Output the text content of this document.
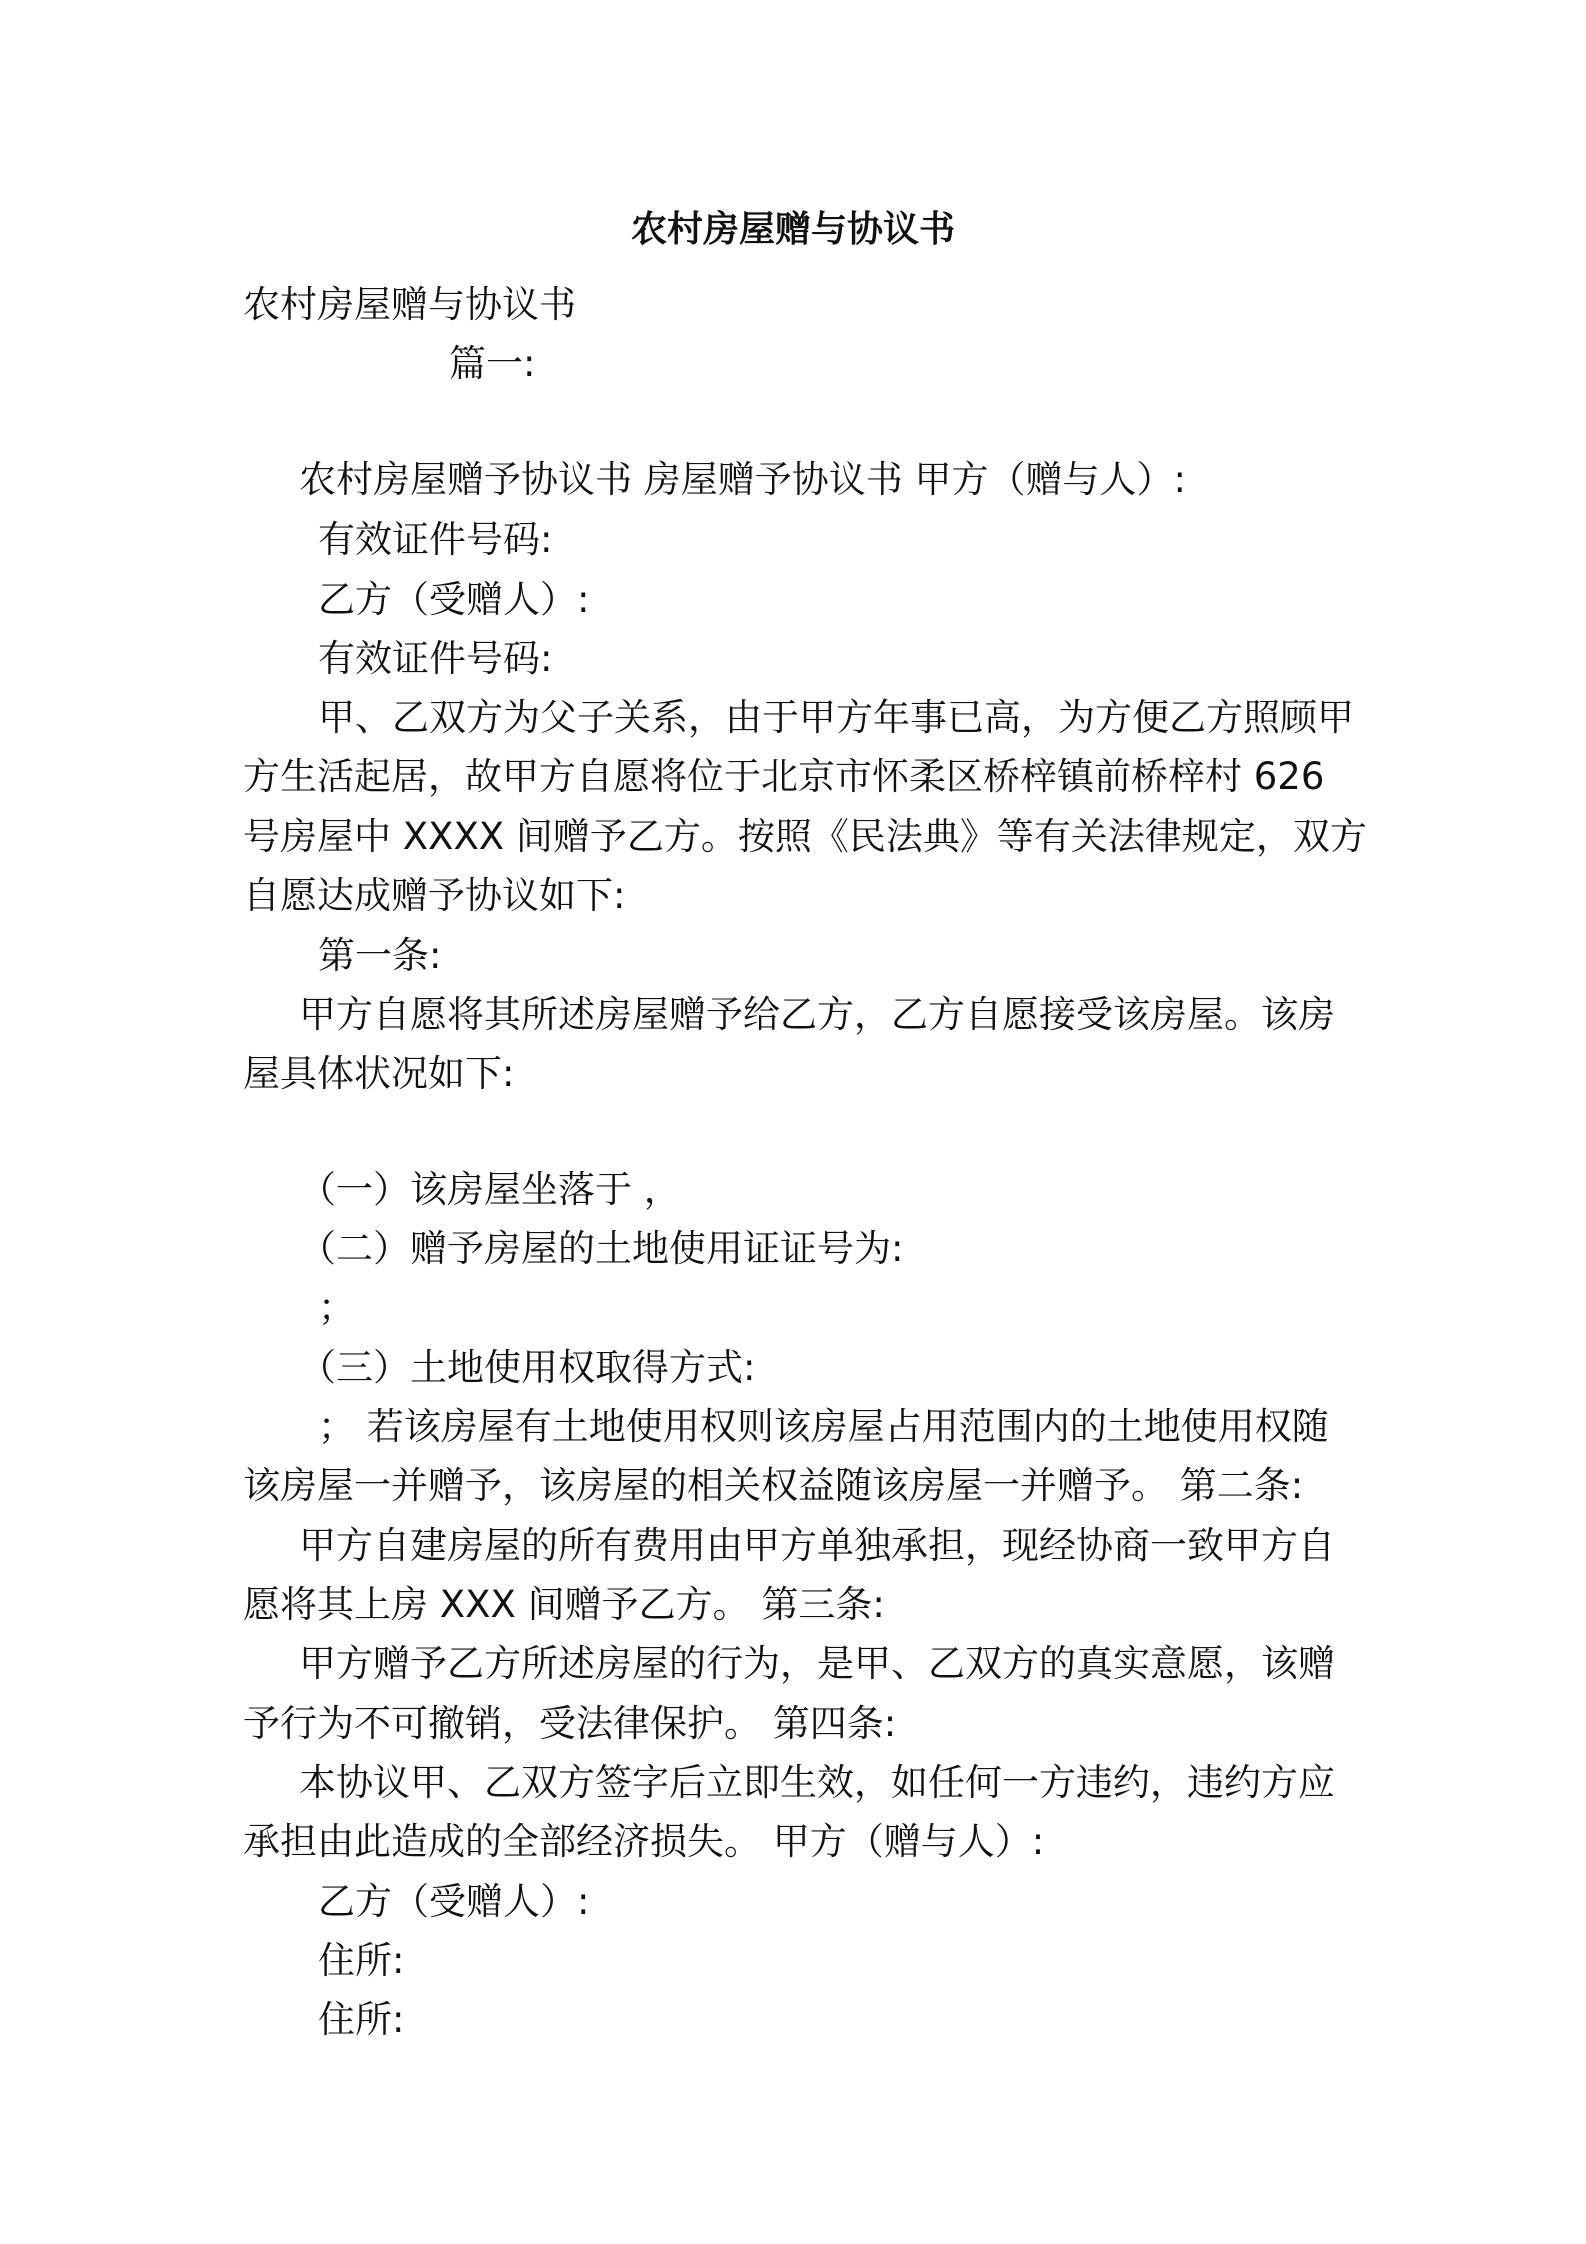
农村房屋赠与协议书

农村房屋赠与协议书

篇一:

农村房屋赠予协议书 房屋赠予协议书 甲方（赠与人）:

有效证件号码:

乙方（受赠人）:

有效证件号码:

甲、乙双方为父子关系，由于甲方年事已高，为方便乙方照顾甲

方生活起居，故甲方自愿将位于北京市怀柔区桥梓镇前桥梓村 626

号房屋中 XXXX 间赠予乙方。按照《民法典》等有关法律规定，双方

自愿达成赠予协议如下:

第一条:

甲方自愿将其所述房屋赠予给乙方，乙方自愿接受该房屋。该房

屋具体状况如下:

（一）该房屋坐落于 ，

（二）赠予房屋的土地使用证证号为:

；

（三）土地使用权取得方式:

； 若该房屋有土地使用权则该房屋占用范围内的土地使用权随

该房屋一并赠予，该房屋的相关权益随该房屋一并赠予。 第二条:

甲方自建房屋的所有费用由甲方单独承担，现经协商一致甲方自

愿将其上房 XXX 间赠予乙方。 第三条:

甲方赠予乙方所述房屋的行为，是甲、乙双方的真实意愿，该赠

予行为不可撤销，受法律保护。 第四条:

本协议甲、乙双方签字后立即生效，如任何一方违约，违约方应

承担由此造成的全部经济损失。 甲方（赠与人）:

乙方（受赠人）:

住所:

住所:
